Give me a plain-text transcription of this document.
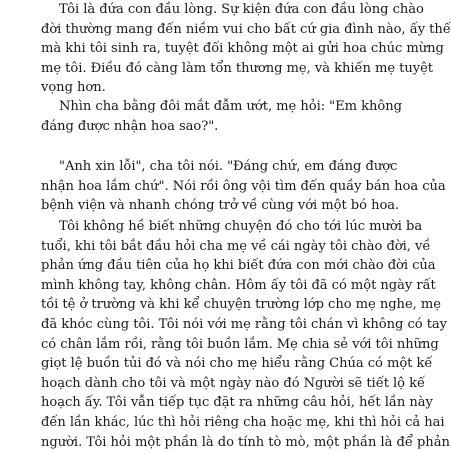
Tôi là đứa con đầu lòng. Sự kiện đứa con đầu lòng chào
đời thường mang đến niềm vui cho bất cứ gia đình nào, ấy thế
mà khi tôi sinh ra, tuyệt đối không một ai gửi hoa chúc mừng
mẹ tôi. Điều đó càng làm tổn thương mẹ, và khiến mẹ tuyệt
vọng hơn.
Nhìn cha bằng đôi mắt đẫm ướt, mẹ hỏi: "Em không
đáng được nhận hoa sao?".
"Anh xin lỗi", cha tôi nói. "Đáng chứ, em đáng được
nhận hoa lắm chứ". Nói rồi ông vội tìm đến quầy bán hoa của
bệnh viện và nhanh chóng trở về cùng với một bó hoa.
Tôi không hề biết những chuyện đó cho tới lúc mười ba
tuổi, khi tôi bắt đầu hỏi cha mẹ về cái ngày tôi chào đời, về
phản ứng đầu tiên của họ khi biết đứa con mới chào đời của
mình không tay, không chân. Hôm ấy tôi đã có một ngày rất
tồi tệ ở trường và khi kể chuyện trường lớp cho mẹ nghe, mẹ
đã khóc cùng tôi. Tôi nói với mẹ rằng tôi chán vì không có tay
có chân lắm rồi, rằng tôi buồn lắm. Mẹ chia sẻ với tôi những
giọt lệ buồn tủi đó và nói cho mẹ hiểu rằng Chúa có một kế
hoạch dành cho tôi và một ngày nào đó Người sẽ tiết lộ kế
hoạch ấy. Tôi vẫn tiếp tục đặt ra những câu hỏi, hết lần này
đến lần khác, lúc thì hỏi riêng cha hoặc mẹ, khi thì hỏi cả hai
người. Tôi hỏi một phần là do tính tò mò, một phần là để phản
